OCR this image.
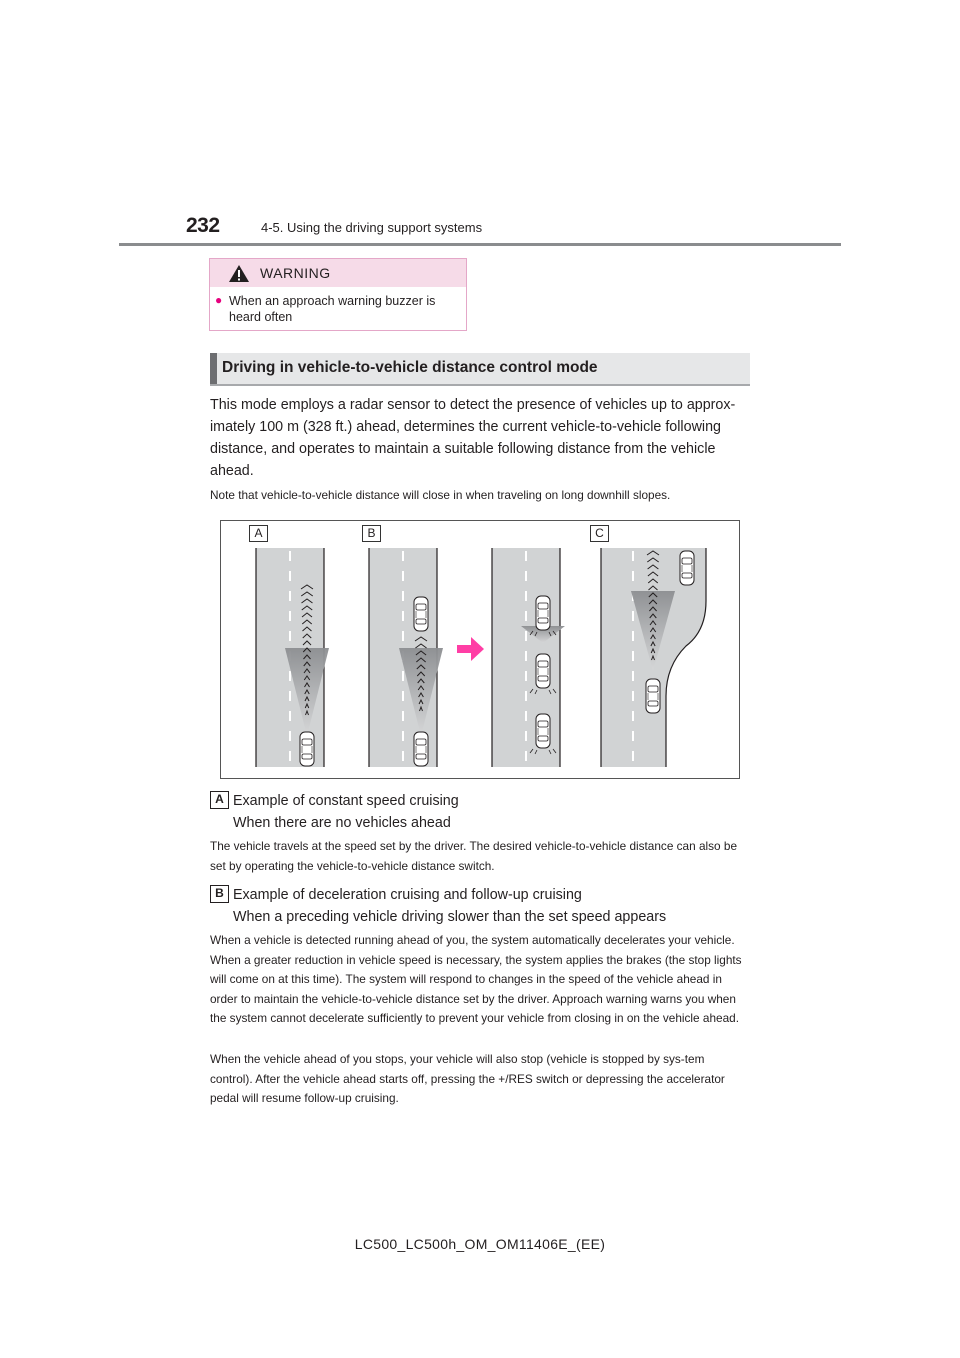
232	4-5. Using the driving support systems
WARNING
● When an approach warning buzzer is heard often
Driving in vehicle-to-vehicle distance control mode
This mode employs a radar sensor to detect the presence of vehicles up to approx-imately 100 m (328 ft.) ahead, determines the current vehicle-to-vehicle following distance, and operates to maintain a suitable following distance from the vehicle ahead.
Note that vehicle-to-vehicle distance will close in when traveling on long downhill slopes.
A	B	C
A Example of constant speed cruising
When there are no vehicles ahead
The vehicle travels at the speed set by the driver. The desired vehicle-to-vehicle distance can also be set by operating the vehicle-to-vehicle distance switch.
B Example of deceleration cruising and follow-up cruising
When a preceding vehicle driving slower than the set speed appears
When a vehicle is detected running ahead of you, the system automatically decelerates your vehicle. When a greater reduction in vehicle speed is necessary, the system applies the brakes (the stop lights will come on at this time). The system will respond to changes in the speed of the vehicle ahead in order to maintain the vehicle-to-vehicle distance set by the driver. Approach warning warns you when the system cannot decelerate sufficiently to prevent your vehicle from closing in on the vehicle ahead.
When the vehicle ahead of you stops, your vehicle will also stop (vehicle is stopped by sys-tem control). After the vehicle ahead starts off, pressing the +/RES switch or depressing the accelerator pedal will resume follow-up cruising.
LC500_LC500h_OM_OM11406E_(EE)
